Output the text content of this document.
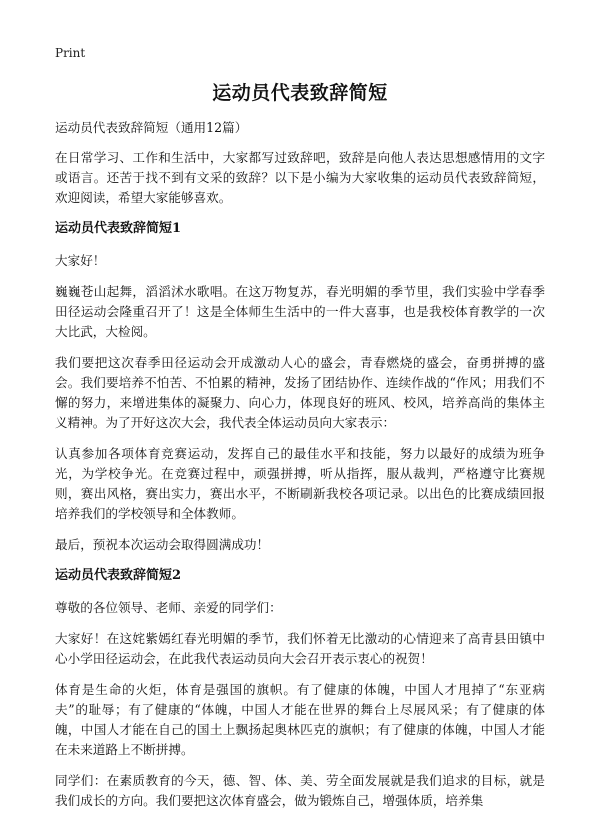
Print
运动员代表致辞简短

运动员代表致辞简短（通用12篇）

在日常学习、工作和生活中，大家都写过致辞吧，致辞是向他人表达思想感情用的文字或语言。还苦于找不到有文采的致辞？以下是小编为大家收集的运动员代表致辞简短，欢迎阅读，希望大家能够喜欢。

运动员代表致辞简短1

大家好！

巍巍苍山起舞，滔滔沭水歌唱。在这万物复苏，春光明媚的季节里，我们实验中学春季田径运动会隆重召开了！这是全体师生生活中的一件大喜事，也是我校体育教学的一次大比武，大检阅。

我们要把这次春季田径运动会开成激动人心的盛会，青春燃烧的盛会，奋勇拼搏的盛会。我们要培养不怕苦、不怕累的精神，发扬了团结协作、连续作战的“作风；用我们不懈的努力，来增进集体的凝聚力、向心力，体现良好的班风、校风，培养高尚的集体主义精神。为了开好这次大会，我代表全体运动员向大家表示：

认真参加各项体育竞赛运动，发挥自己的最佳水平和技能，努力以最好的成绩为班争光，为学校争光。在竞赛过程中，顽强拼搏，听从指挥，服从裁判，严格遵守比赛规则，赛出风格，赛出实力，赛出水平，不断刷新我校各项记录。以出色的比赛成绩回报培养我们的学校领导和全体教师。

最后，预祝本次运动会取得圆满成功！

运动员代表致辞简短2

尊敬的各位领导、老师、亲爱的同学们：

大家好！在这姹紫嫣红春光明媚的季节，我们怀着无比激动的心情迎来了高青县田镇中心小学田径运动会，在此我代表运动员向大会召开表示衷心的祝贺！

体育是生命的火炬，体育是强国的旗帜。有了健康的体魄，中国人才甩掉了“东亚病夫”的耻辱；有了健康的“体魄，中国人才能在世界的舞台上尽展风采；有了健康的体魄，中国人才能在自己的国土上飘扬起奥林匹克的旗帜；有了健康的体魄，中国人才能在未来道路上不断拼搏。

同学们：在素质教育的今天，德、智、体、美、劳全面发展就是我们追求的目标，就是我们成长的方向。我们要把这次体育盛会，做为锻炼自己，增强体质，培养集
